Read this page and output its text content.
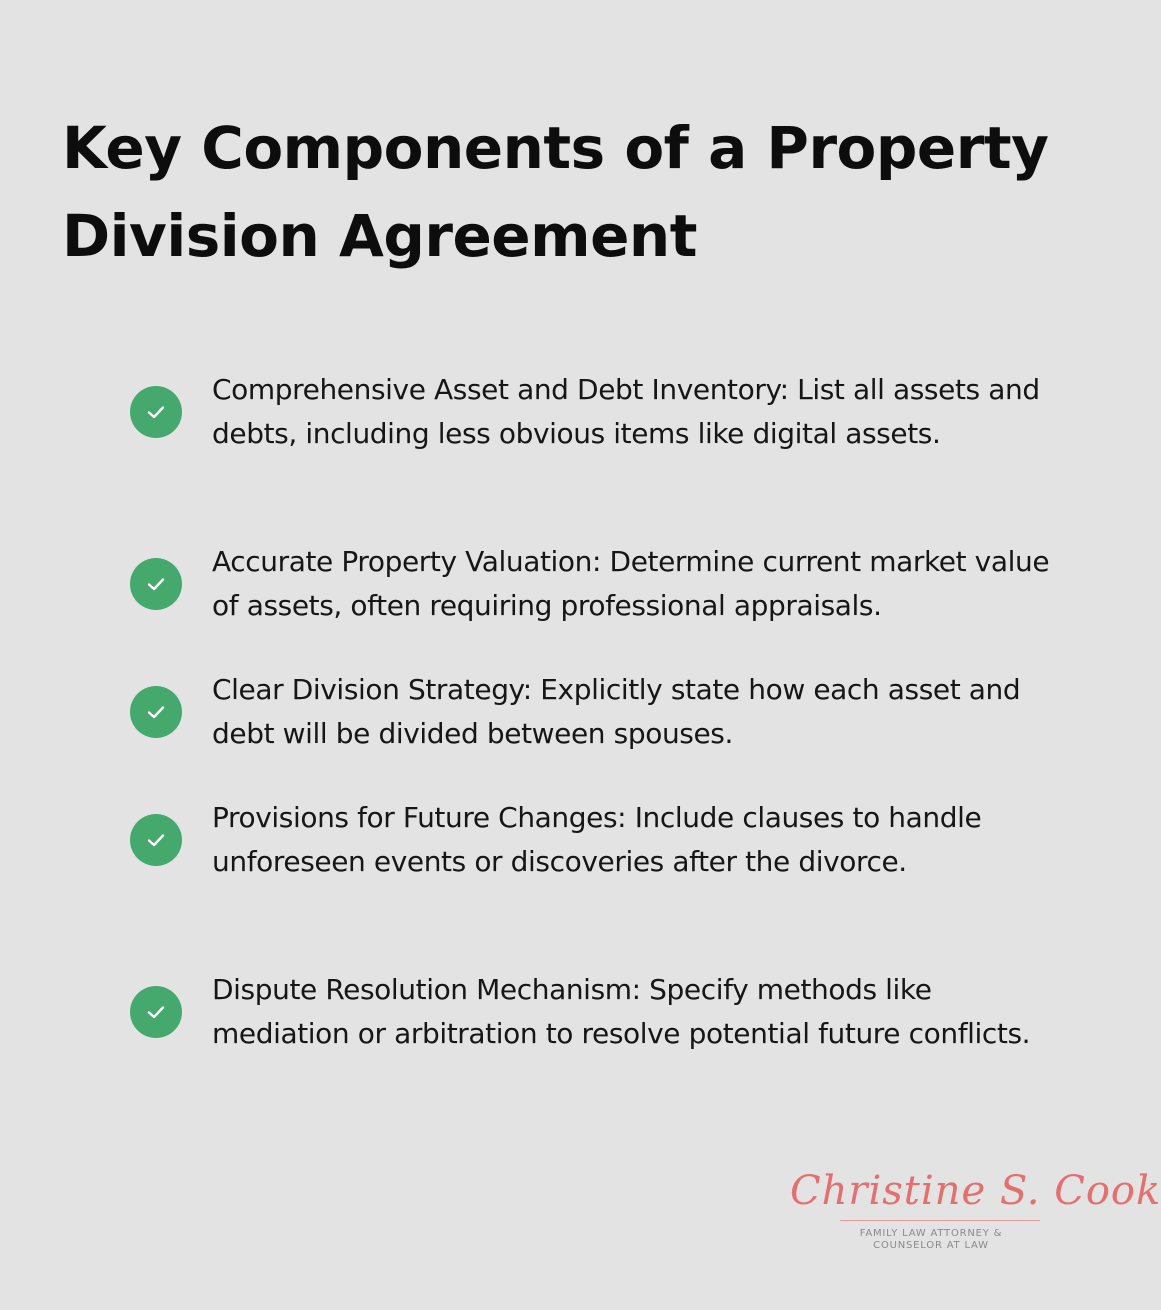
Key Components of a Property Division Agreement
Comprehensive Asset and Debt Inventory: List all assets and debts, including less obvious items like digital assets.
Accurate Property Valuation: Determine current market value of assets, often requiring professional appraisals.
Clear Division Strategy: Explicitly state how each asset and debt will be divided between spouses.
Provisions for Future Changes: Include clauses to handle unforeseen events or discoveries after the divorce.
Dispute Resolution Mechanism: Specify methods like mediation or arbitration to resolve potential future conflicts.
Christine S. Cook
FAMILY LAW ATTORNEY &
COUNSELOR AT LAW
